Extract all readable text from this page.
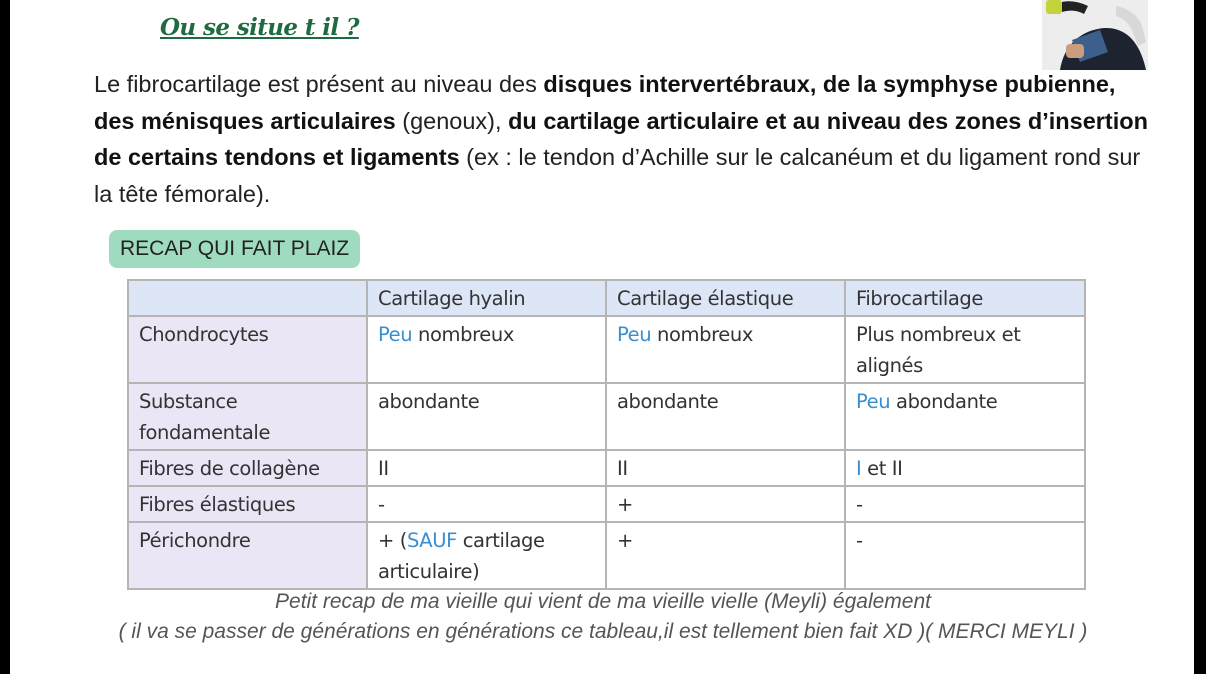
Ou se situe t il ?

Le fibrocartilage est présent au niveau des disques intervertébraux, de la symphyse pubienne, des ménisques articulaires (genoux), du cartilage articulaire et au niveau des zones d’insertion de certains tendons et ligaments (ex : le tendon d’Achille sur le calcanéum et du ligament rond sur la tête fémorale).

RECAP QUI FAIT PLAIZ
	Cartilage hyalin	Cartilage élastique	Fibrocartilage
Chondrocytes	Peu nombreux	Peu nombreux	Plus nombreux et alignés
Substance fondamentale	abondante	abondante	Peu abondante
Fibres de collagène	II	II	I et II
Fibres élastiques	-	+	-
Périchondre	+ (SAUF cartilage articulaire)	+	-

Petit recap de ma vieille qui vient de ma vieille vielle (Meyli) également

( il va se passer de générations en générations ce tableau,il est tellement bien fait XD )( MERCI MEYLI )
